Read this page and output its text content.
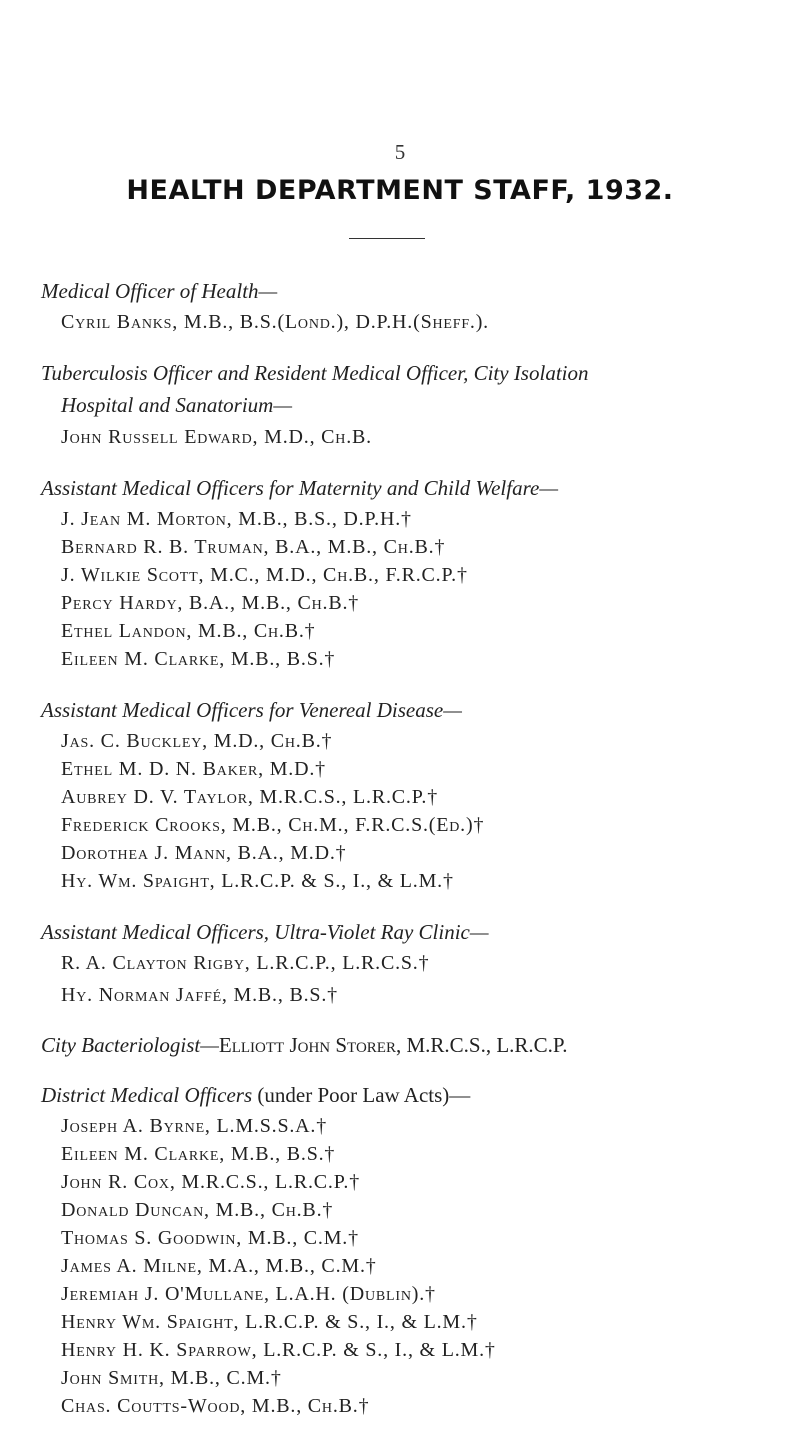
5
HEALTH DEPARTMENT STAFF, 1932.
Medical Officer of Health—
Cyril Banks, M.B., B.S.(Lond.), D.P.H.(Sheff.).
Tuberculosis Officer and Resident Medical Officer, City Isolation
Hospital and Sanatorium—
John Russell Edward, M.D., Ch.B.
Assistant Medical Officers for Maternity and Child Welfare—
J. Jean M. Morton, M.B., B.S., D.P.H.†
Bernard R. B. Truman, B.A., M.B., Ch.B.†
J. Wilkie Scott, M.C., M.D., Ch.B., F.R.C.P.†
Percy Hardy, B.A., M.B., Ch.B.†
Ethel Landon, M.B., Ch.B.†
Eileen M. Clarke, M.B., B.S.†
Assistant Medical Officers for Venereal Disease—
Jas. C. Buckley, M.D., Ch.B.†
Ethel M. D. N. Baker, M.D.†
Aubrey D. V. Taylor, M.R.C.S., L.R.C.P.†
Frederick Crooks, M.B., Ch.M., F.R.C.S.(Ed.)†
Dorothea J. Mann, B.A., M.D.†
Hy. Wm. Spaight, L.R.C.P. & S., I., & L.M.†
Assistant Medical Officers, Ultra-Violet Ray Clinic—
R. A. Clayton Rigby, L.R.C.P., L.R.C.S.†
Hy. Norman Jaffé, M.B., B.S.†
City Bacteriologist—Elliott John Storer, M.R.C.S., L.R.C.P.
District Medical Officers (under Poor Law Acts)—
Joseph A. Byrne, L.M.S.S.A.†
Eileen M. Clarke, M.B., B.S.†
John R. Cox, M.R.C.S., L.R.C.P.†
Donald Duncan, M.B., Ch.B.†
Thomas S. Goodwin, M.B., C.M.†
James A. Milne, M.A., M.B., C.M.†
Jeremiah J. O'Mullane, L.A.H. (Dublin).†
Henry Wm. Spaight, L.R.C.P. & S., I., & L.M.†
Henry H. K. Sparrow, L.R.C.P. & S., I., & L.M.†
John Smith, M.B., C.M.†
Chas. Coutts-Wood, M.B., Ch.B.†
